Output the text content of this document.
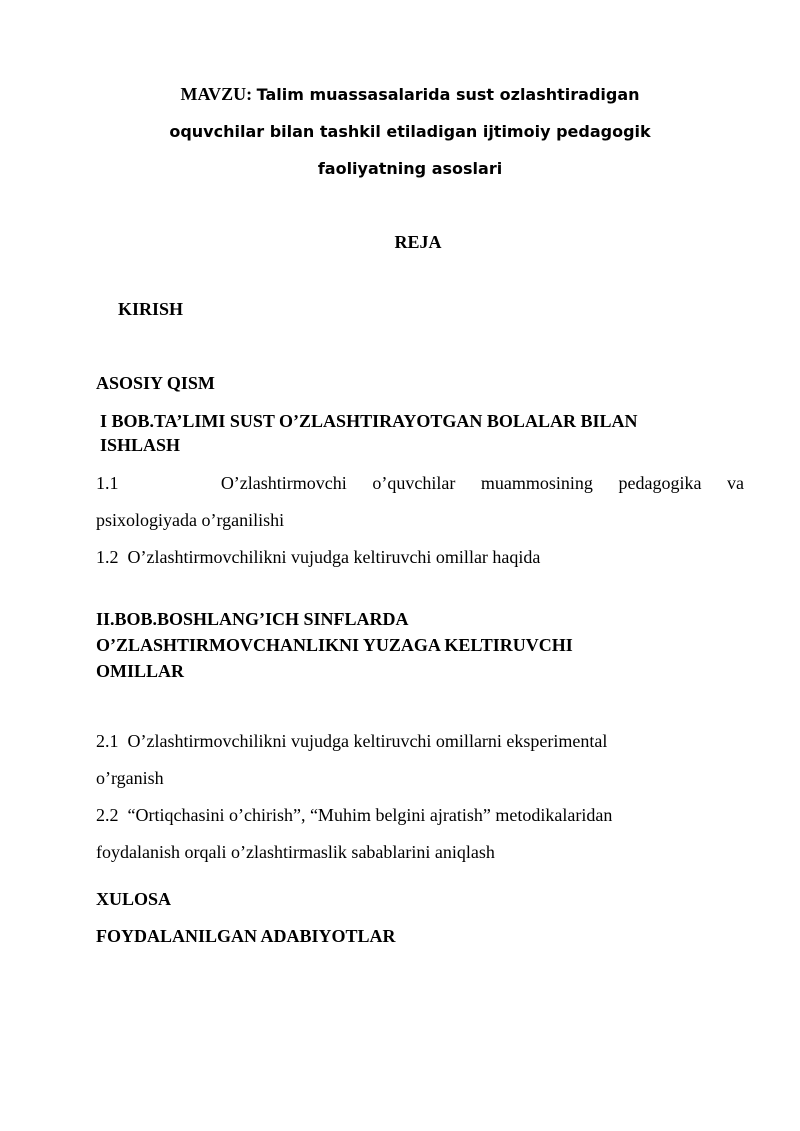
MAVZU: Talim muassasalarida sust ozlashtiradigan
oquvchilar bilan tashkil etiladigan ijtimoiy pedagogik
faoliyatning asoslari
REJA
KIRISH
ASOSIY QISM
I BOB.TA’LIMI SUST O’ZLASHTIRAYOTGAN BOLALAR BILAN
ISHLASH
1.1	O’zlashtirmovchi o’quvchilar muammosining pedagogika va
psixologiyada o’rganilishi
1.2 O’zlashtirmovchilikni vujudga keltiruvchi omillar haqida
II.BOB.BOSHLANG’ICH SINFLARDA
O’ZLASHTIRMOVCHANLIKNI YUZAGA KELTIRUVCHI
OMILLAR
2.1 O’zlashtirmovchilikni vujudga keltiruvchi omillarni eksperimental
o’rganish
2.2 “Ortiqchasini o’chirish”, “Muhim belgini ajratish” metodikalaridan
foydalanish orqali o’zlashtirmaslik sabablarini aniqlash
XULOSA
FOYDALANILGAN ADABIYOTLAR
